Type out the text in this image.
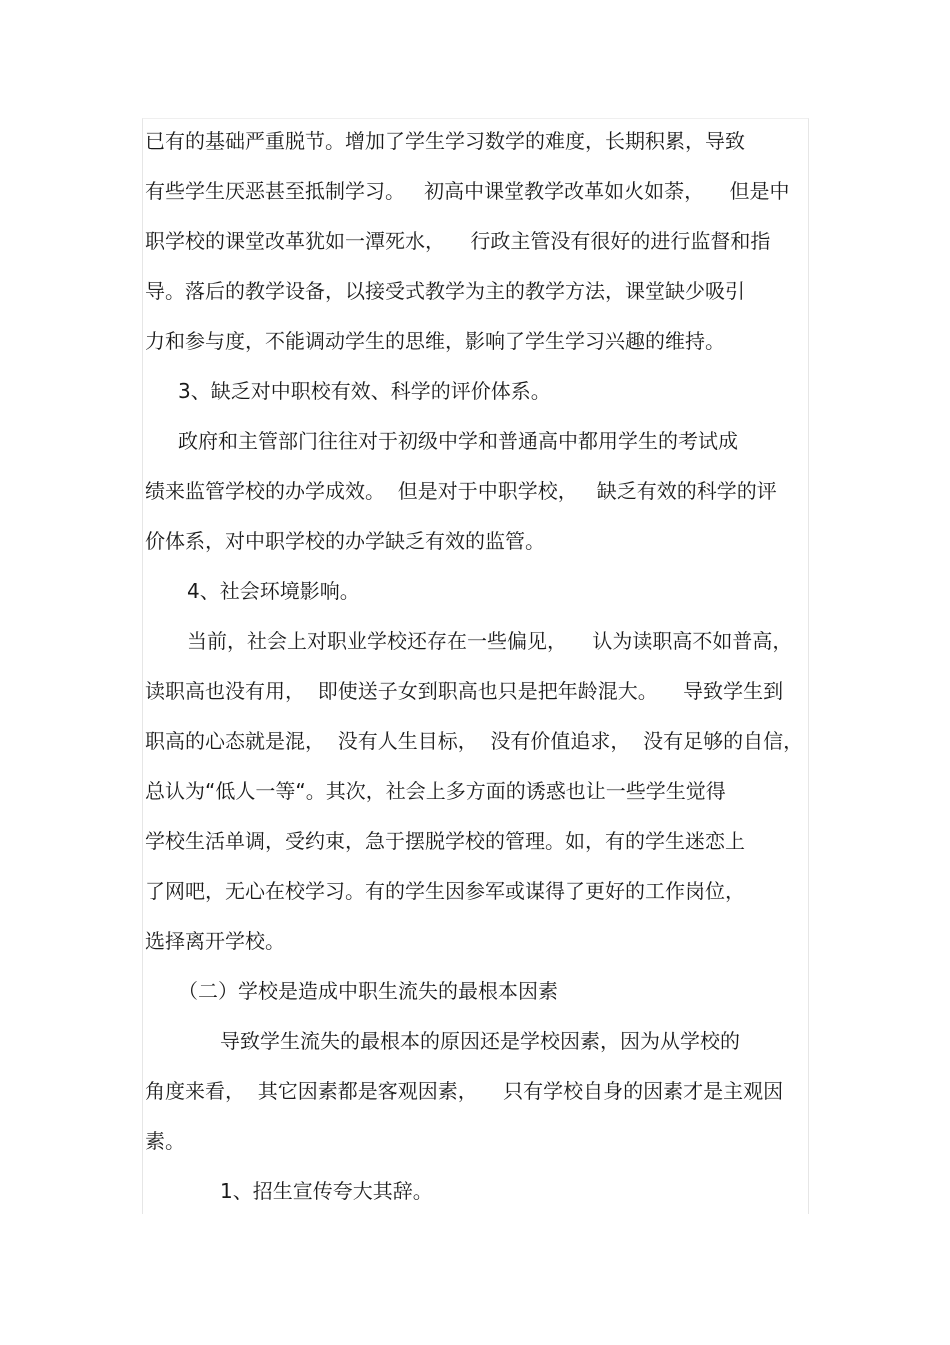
已有的基础严重脱节。增加了学生学习数学的难度，长期积累，导致

有些学生厌恶甚至抵制学习。   初高中课堂教学改革如火如荼，    但是中

职学校的课堂改革犹如一潭死水，    行政主管没有很好的进行监督和指

导。落后的教学设备，以接受式教学为主的教学方法，课堂缺少吸引

力和参与度，不能调动学生的思维，影响了学生学习兴趣的维持。

3、缺乏对中职校有效、科学的评价体系。

政府和主管部门往往对于初级中学和普通高中都用学生的考试成

绩来监管学校的办学成效。  但是对于中职学校，   缺乏有效的科学的评

价体系，对中职学校的办学缺乏有效的监管。

4、社会环境影响。

当前，社会上对职业学校还存在一些偏见，    认为读职高不如普高，

读职高也没有用，  即使送子女到职高也只是把年龄混大。    导致学生到

职高的心态就是混，  没有人生目标，  没有价值追求，  没有足够的自信，

总认为“低人一等“。其次，社会上多方面的诱惑也让一些学生觉得

学校生活单调，受约束，急于摆脱学校的管理。如，有的学生迷恋上

了网吧，无心在校学习。有的学生因参军或谋得了更好的工作岗位，

选择离开学校。

（二）学校是造成中职生流失的最根本因素

导致学生流失的最根本的原因还是学校因素，因为从学校的

角度来看，  其它因素都是客观因素，    只有学校自身的因素才是主观因

素。

1、招生宣传夸大其辞。
